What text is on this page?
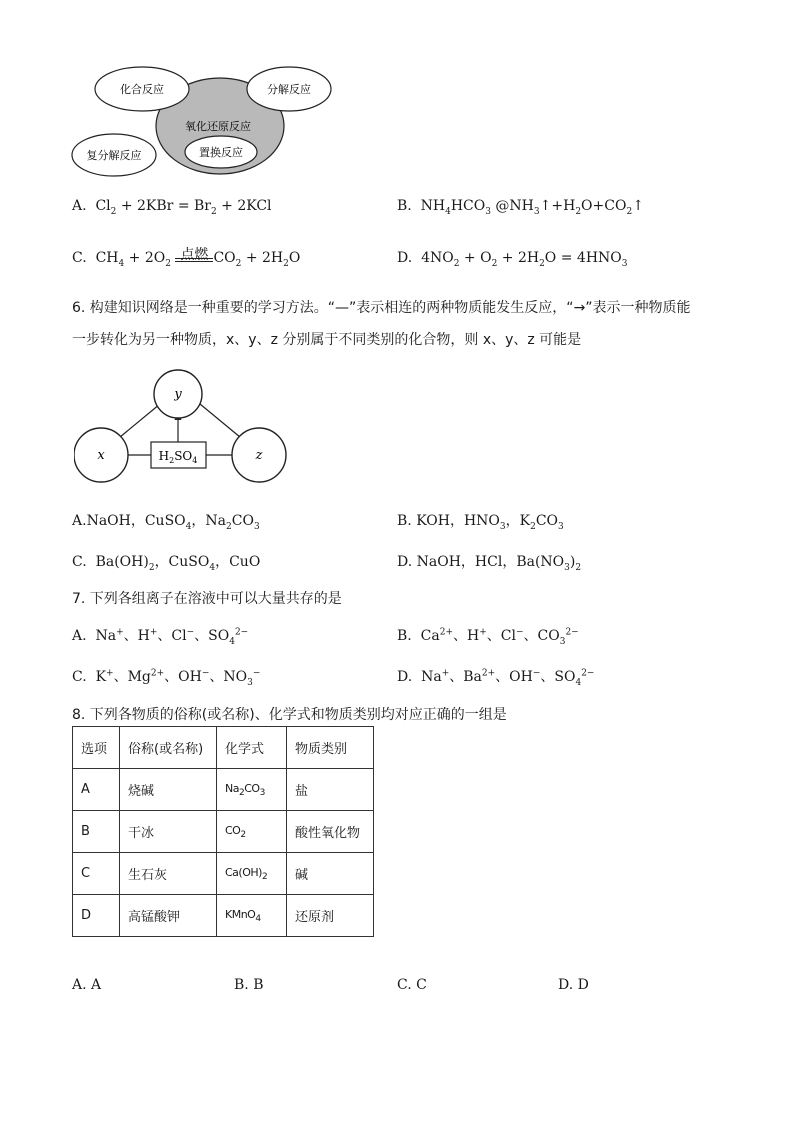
化合反应	分解反应
氧化还原反应
复分解反应	置换反应
A.  $Cl_2 + 2KBr = Br_2 + 2KCl$	B.  $NH_4HCO_3$ $@NH_3↑+H_2O+CO_2↑$
C.  $CH_4 + 2O_2$
点燃 $CO_2 + 2H_2O$	D.  $4NO_2 + O_2 + 2H_2O = 4HNO_3$
6. 构建知识网络是一种重要的学习方法。“—”表示相连的两种物质能发生反应，“→”表示一种物质能
一步转化为另一种物质，x、y、z 分别属于不同类别的化合物，则 x、y、z 可能是
y
x	z
$H_2SO_4$
A.NaOH，CuSO$_4$，$Na_2CO_3$	B. KOH，$HNO_3$，$K_2CO_3$
C.  $Ba(OH)_2$，CuSO$_4$，CuO	D. NaOH，HCl，$Ba(NO_3)_2$
7. 下列各组离子在溶液中可以大量共存的是
A.  Na+、H+、Cl−、$SO_4^{2-}$	B.  $Ca^{2+}$、H+、Cl−、$CO_3^{2-}$
C.  K+、$Mg^{2+}$、OH−、$NO_3^-$	D.  Na+、$Ba^{2+}$、OH−、$SO_4^{2-}$
8. 下列各物质的俗称(或名称)、化学式和物质类别均对应正确的一组是
选项	俗称(或名称)	化学式	物质类别
A	烧碱	$Na_2CO_3$	盐
B	干冰	$CO_2$	酸性氧化物
C	生石灰	$Ca(OH)_2$	碱
D	高锰酸钾	KMnO$_4$	还原剂
A. A	B. B	C. C	D. D
